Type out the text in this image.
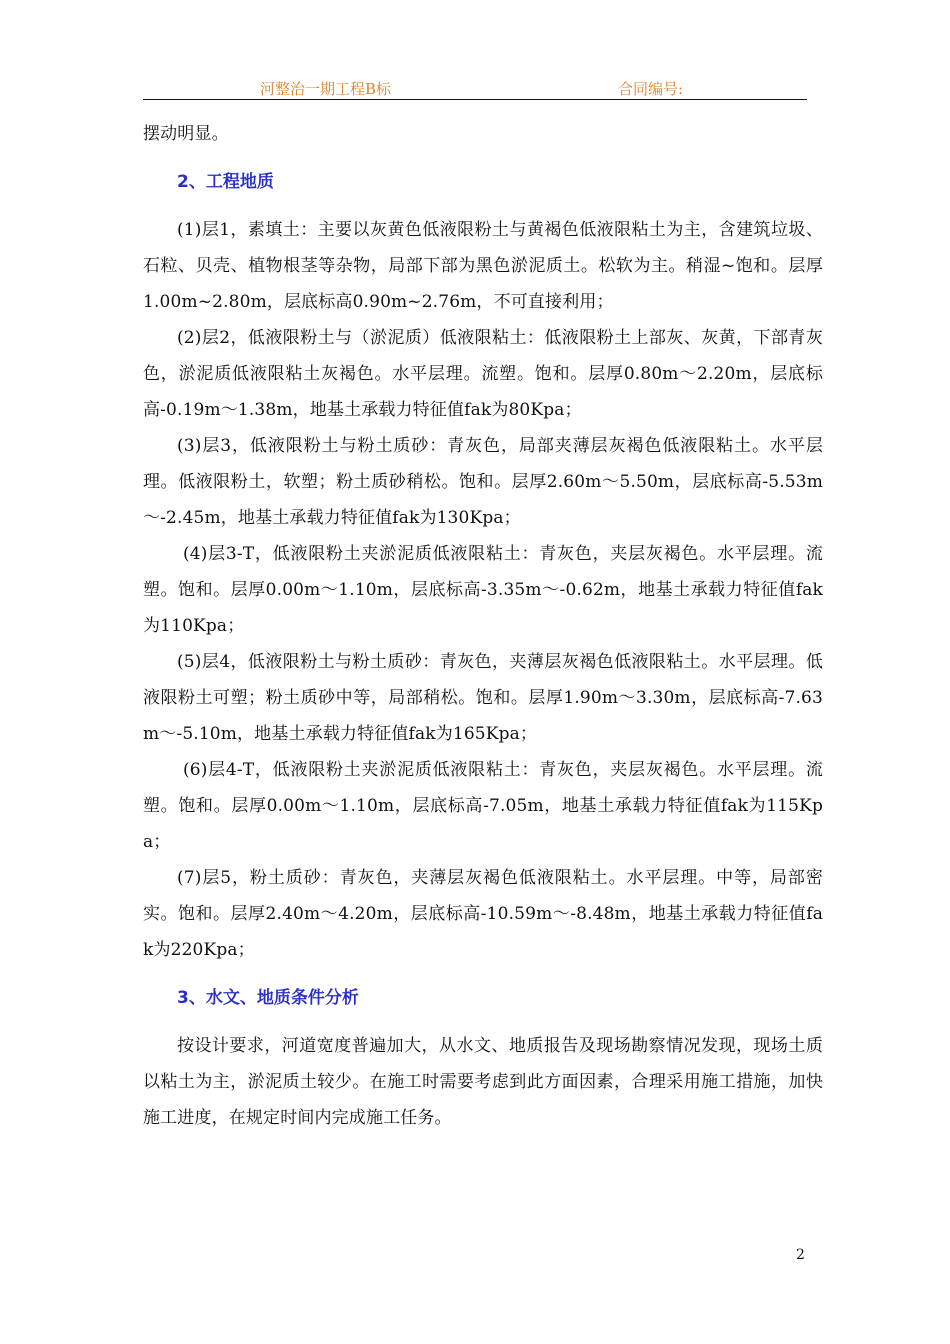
河整治一期工程B标	合同编号:

摆动明显。

2、工程地质

(1)层1，素填土：主要以灰黄色低液限粉土与黄褐色低液限粘土为主，含建筑垃圾、石粒、贝壳、植物根茎等杂物，局部下部为黑色淤泥质土。松软为主。稍湿~饱和。层厚1.00m~2.80m，层底标高0.90m~2.76m，不可直接利用；

(2)层2，低液限粉土与（淤泥质）低液限粘土：低液限粉土上部灰、灰黄，下部青灰色，淤泥质低液限粘土灰褐色。水平层理。流塑。饱和。层厚0.80m～2.20m，层底标高-0.19m～1.38m，地基土承载力特征值fak为80Kpa；

(3)层3，低液限粉土与粉土质砂：青灰色，局部夹薄层灰褐色低液限粘土。水平层理。低液限粉土，软塑；粉土质砂稍松。饱和。层厚2.60m～5.50m，层底标高-5.53m～-2.45m，地基土承载力特征值fak为130Kpa；

(4)层3-T，低液限粉土夹淤泥质低液限粘土：青灰色，夹层灰褐色。水平层理。流塑。饱和。层厚0.00m～1.10m，层底标高-3.35m～-0.62m，地基土承载力特征值fak为110Kpa；

(5)层4，低液限粉土与粉土质砂：青灰色，夹薄层灰褐色低液限粘土。水平层理。低液限粉土可塑；粉土质砂中等，局部稍松。饱和。层厚1.90m～3.30m，层底标高-7.63m～-5.10m，地基土承载力特征值fak为165Kpa；

(6)层4-T，低液限粉土夹淤泥质低液限粘土：青灰色，夹层灰褐色。水平层理。流塑。饱和。层厚0.00m～1.10m，层底标高-7.05m，地基土承载力特征值fak为115Kpa；

(7)层5，粉土质砂：青灰色，夹薄层灰褐色低液限粘土。水平层理。中等，局部密实。饱和。层厚2.40m～4.20m，层底标高-10.59m～-8.48m，地基土承载力特征值fak为220Kpa；

3、水文、地质条件分析

按设计要求，河道宽度普遍加大，从水文、地质报告及现场勘察情况发现，现场土质以粘土为主，淤泥质土较少。在施工时需要考虑到此方面因素，合理采用施工措施，加快施工进度，在规定时间内完成施工任务。

2
